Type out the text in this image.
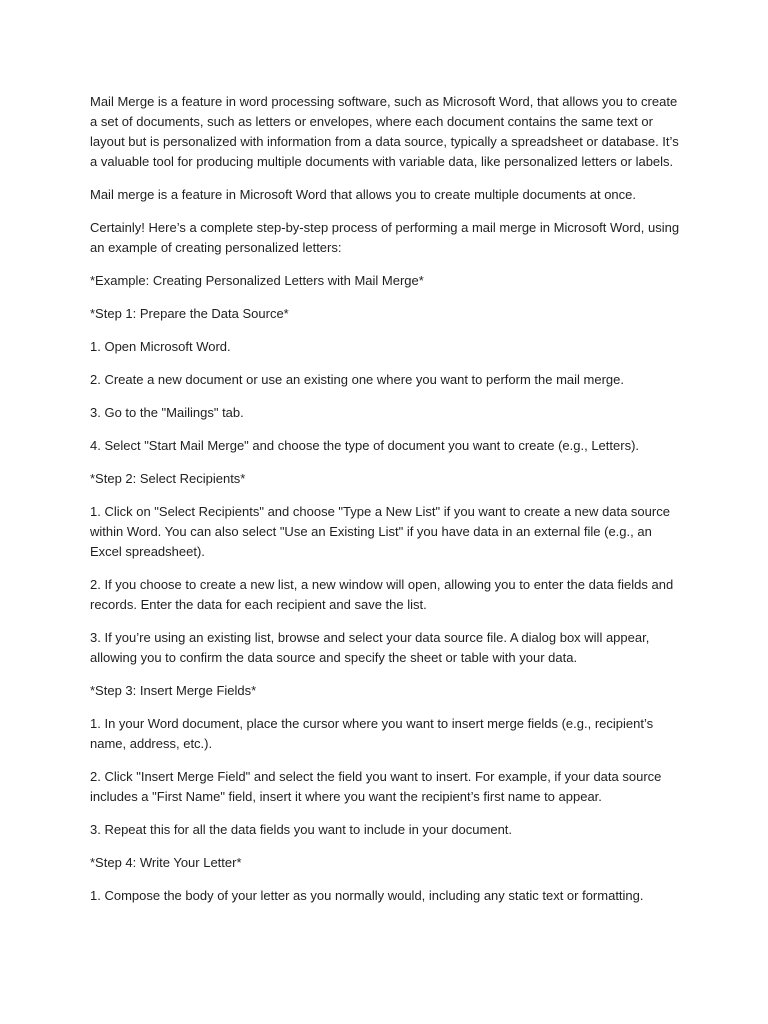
Mail Merge is a feature in word processing software, such as Microsoft Word, that allows you to create a set of documents, such as letters or envelopes, where each document contains the same text or layout but is personalized with information from a data source, typically a spreadsheet or database. It’s a valuable tool for producing multiple documents with variable data, like personalized letters or labels.

Mail merge is a feature in Microsoft Word that allows you to create multiple documents at once.

Certainly! Here’s a complete step-by-step process of performing a mail merge in Microsoft Word, using an example of creating personalized letters:

*Example: Creating Personalized Letters with Mail Merge*

*Step 1: Prepare the Data Source*

1. Open Microsoft Word.

2. Create a new document or use an existing one where you want to perform the mail merge.

3. Go to the "Mailings" tab.

4. Select "Start Mail Merge" and choose the type of document you want to create (e.g., Letters).

*Step 2: Select Recipients*

1. Click on "Select Recipients" and choose "Type a New List" if you want to create a new data source within Word. You can also select "Use an Existing List" if you have data in an external file (e.g., an Excel spreadsheet).

2. If you choose to create a new list, a new window will open, allowing you to enter the data fields and records. Enter the data for each recipient and save the list.

3. If you’re using an existing list, browse and select your data source file. A dialog box will appear, allowing you to confirm the data source and specify the sheet or table with your data.

*Step 3: Insert Merge Fields*

1. In your Word document, place the cursor where you want to insert merge fields (e.g., recipient’s name, address, etc.).

2. Click "Insert Merge Field" and select the field you want to insert. For example, if your data source includes a "First Name" field, insert it where you want the recipient’s first name to appear.

3. Repeat this for all the data fields you want to include in your document.

*Step 4: Write Your Letter*

1. Compose the body of your letter as you normally would, including any static text or formatting.
